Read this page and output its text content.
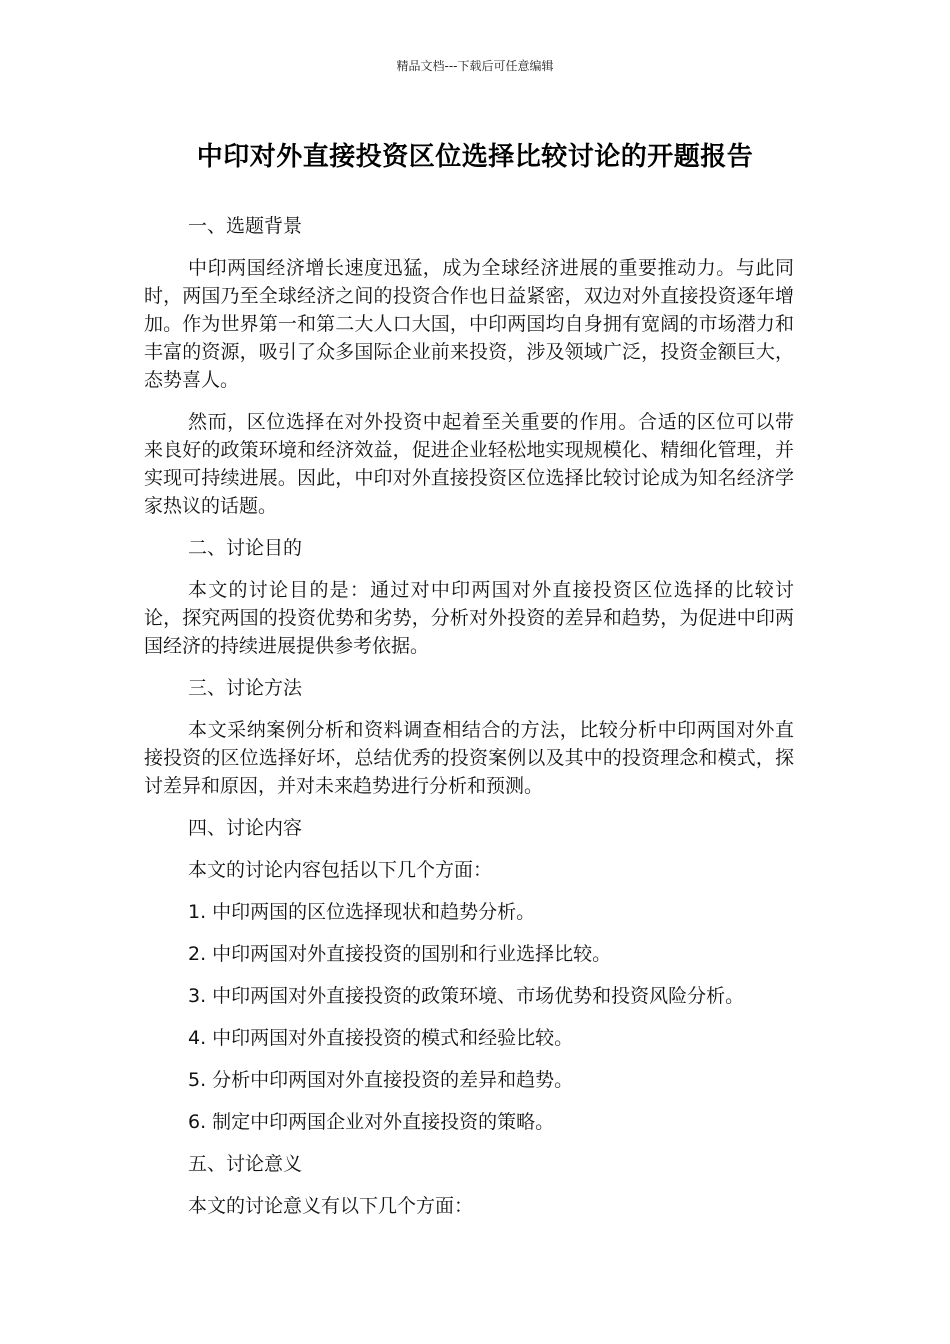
精品文档---下载后可任意编辑
中印对外直接投资区位选择比较讨论的开题报告

一、选题背景

中印两国经济增长速度迅猛，成为全球经济进展的重要推动力。与此同时，两国乃至全球经济之间的投资合作也日益紧密，双边对外直接投资逐年增加。作为世界第一和第二大人口大国，中印两国均自身拥有宽阔的市场潜力和丰富的资源，吸引了众多国际企业前来投资，涉及领域广泛，投资金额巨大，态势喜人。

然而，区位选择在对外投资中起着至关重要的作用。合适的区位可以带来良好的政策环境和经济效益，促进企业轻松地实现规模化、精细化管理，并实现可持续进展。因此，中印对外直接投资区位选择比较讨论成为知名经济学家热议的话题。

二、讨论目的

本文的讨论目的是：通过对中印两国对外直接投资区位选择的比较讨论，探究两国的投资优势和劣势，分析对外投资的差异和趋势，为促进中印两国经济的持续进展提供参考依据。

三、讨论方法

本文采纳案例分析和资料调查相结合的方法，比较分析中印两国对外直接投资的区位选择好坏，总结优秀的投资案例以及其中的投资理念和模式，探讨差异和原因，并对未来趋势进行分析和预测。

四、讨论内容

本文的讨论内容包括以下几个方面：

1. 中印两国的区位选择现状和趋势分析。

2. 中印两国对外直接投资的国别和行业选择比较。

3. 中印两国对外直接投资的政策环境、市场优势和投资风险分析。

4. 中印两国对外直接投资的模式和经验比较。

5. 分析中印两国对外直接投资的差异和趋势。

6. 制定中印两国企业对外直接投资的策略。

五、讨论意义

本文的讨论意义有以下几个方面：
